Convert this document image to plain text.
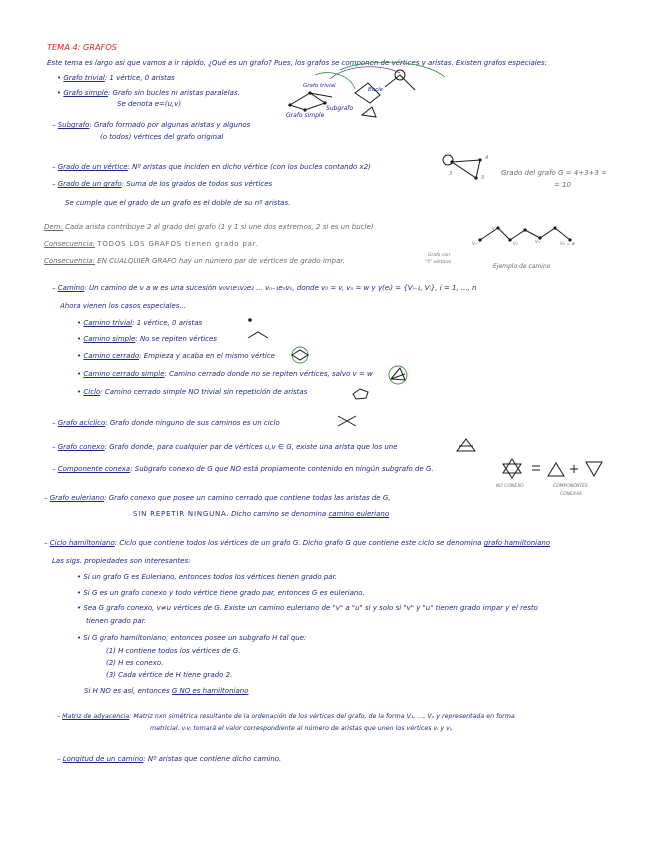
TEMA 4: GRAFOS
Este tema es largo así que vamos a ir rápido. ¿Qué es un grafo? Pues, los grafos se componen de vértices y aristas. Existen grafos especiales:
• Grafo trivial: 1 vértice, 0 aristas
• Grafo simple: Grafo sin bucles ni aristas paralelas.
Se denota e=(u,v)
– Subgrafo: Grafo formado por algunas aristas y algunos
(o todos) vértices del grafo original
Grafo trivial
Grafo simple
Subgrafo
Bucle
– Grado de un vértice: Nº aristas que inciden en dicho vértice (con los bucles contando x2)
– Grado de un grafo: Suma de los grados de todos sus vértices
Se cumple que el grado de un grafo es el doble de su nº aristas.
4
3
3	Grado del grafo G = 4+3+3 =
= 10
Dem: Cada arista contribuye 2 al grado del grafo (1 y 1 si une dos extremos, 2 si es un bucle)
Consecuencia: TODOS LOS GRAFOS tienen grado par.
Consecuencia: EN CUALQUIER GRAFO hay un número par de vértices de grado impar.
V₁
V₂
V₃	V₄	V₅ = w
Grafo con
"5" vértices
Ejemplo de camino
– Camino: Un camino de v a w es una sucesión v₀v₁e₁v₂e₂ ... vₙ₋₁eₙvₙ, donde v₀ = v, vₙ = w y γ(eᵢ) = {Vᵢ₋₁, Vᵢ}, i = 1, ..., n
Ahora vienen los casos especiales...
• Camino trivial: 1 vértice, 0 aristas
• Camino simple: No se repiten vértices
• Camino cerrado: Empieza y acaba en el mismo vértice
• Camino cerrado simple: Camino cerrado donde no se repiten vértices, salvo v = w
• Ciclo: Camino cerrado simple NO trivial sin repetición de aristas
– Grafo acíclico: Grafo donde ninguno de sus caminos es un ciclo
– Grafo conexo: Grafo donde, para cualquier par de vértices u,v ∈ G, existe una arista que los une
– Componente conexa: Subgrafo conexo de G que NO está propiamente contenido en ningún subgrafo de G.
NO CONEXO	COMPONENTES
CONEXAS
– Grafo euleriano: Grafo conexo que posee un camino cerrado que contiene todas las aristas de G,
SIN REPETIR NINGUNA. Dicho camino se denomina camino euleriano
– Ciclo hamiltoniano: Ciclo que contiene todos los vértices de un grafo G. Dicho grafo G que contiene este ciclo se denomina grafo hamiltoniano
Las sigs. propiedades son interesantes:
• Si un grafo G es Euleriano, entonces todos los vértices tienen grado par.
• Si G es un grafo conexo y todo vértice tiene grado par, entonces G es euleriano.
• Sea G grafo conexo, v≠u vértices de G. Existe un camino euleriano de "v" a "u" si y solo si "v" y "u" tienen grado impar y el resto
tienen grado par.
• Si G grafo hamiltoniano, entonces posee un subgrafo H tal que:
(1) H contiene todos los vértices de G.
(2) H es conexo.
(3) Cada vértice de H tiene grado 2.
Si H NO es así, entonces G NO es hamiltoniano
– Matriz de adyacencia: Matriz nxn simétrica resultante de la ordenación de los vértices del grafo, de la forma V₁, ..., Vₙ y representada en forma
matricial. vᵢvⱼ tomará el valor correspondiente al número de aristas que unen los vértices vᵢ y vⱼ.
– Longitud de un camino: Nº aristas que contiene dicho camino.
